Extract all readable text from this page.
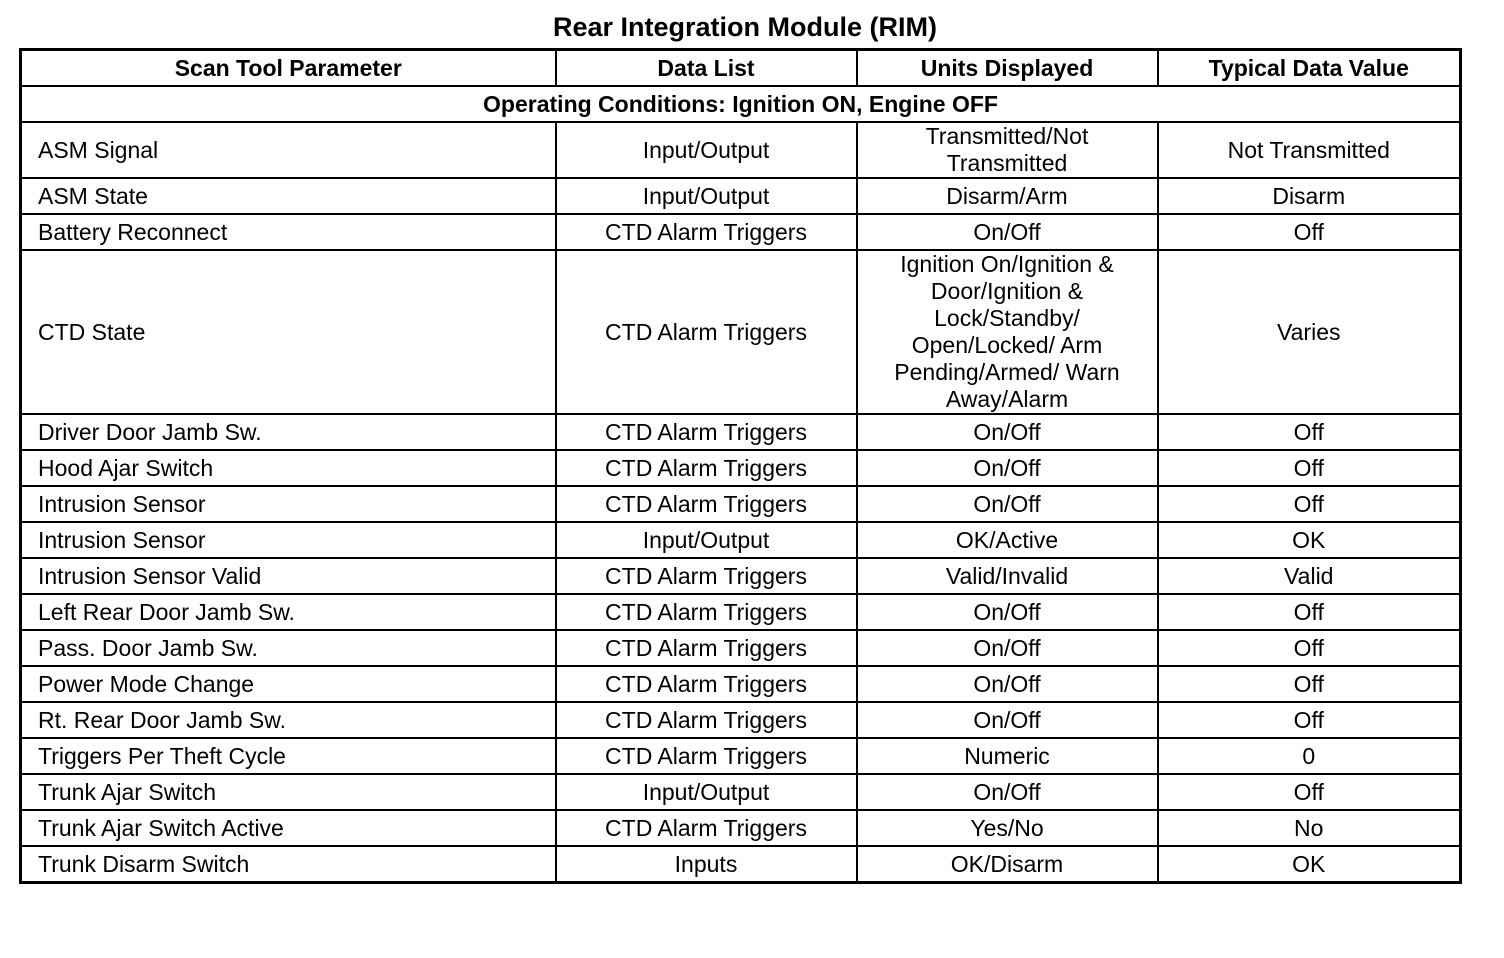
Rear Integration Module (RIM)
Scan Tool Parameter	Data List	Units Displayed	Typical Data Value
Operating Conditions: Ignition ON, Engine OFF			
ASM Signal	Input/Output	Transmitted/Not Transmitted	Not Transmitted
ASM State	Input/Output	Disarm/Arm	Disarm
Battery Reconnect	CTD Alarm Triggers	On/Off	Off
CTD State	CTD Alarm Triggers	Ignition On/Ignition & Door/Ignition & Lock/Standby/ Open/Locked/ Arm Pending/Armed/ Warn Away/Alarm	Varies
Driver Door Jamb Sw.	CTD Alarm Triggers	On/Off	Off
Hood Ajar Switch	CTD Alarm Triggers	On/Off	Off
Intrusion Sensor	CTD Alarm Triggers	On/Off	Off
Intrusion Sensor	Input/Output	OK/Active	OK
Intrusion Sensor Valid	CTD Alarm Triggers	Valid/Invalid	Valid
Left Rear Door Jamb Sw.	CTD Alarm Triggers	On/Off	Off
Pass. Door Jamb Sw.	CTD Alarm Triggers	On/Off	Off
Power Mode Change	CTD Alarm Triggers	On/Off	Off
Rt. Rear Door Jamb Sw.	CTD Alarm Triggers	On/Off	Off
Triggers Per Theft Cycle	CTD Alarm Triggers	Numeric	0
Trunk Ajar Switch	Input/Output	On/Off	Off
Trunk Ajar Switch Active	CTD Alarm Triggers	Yes/No	No
Trunk Disarm Switch	Inputs	OK/Disarm	OK
